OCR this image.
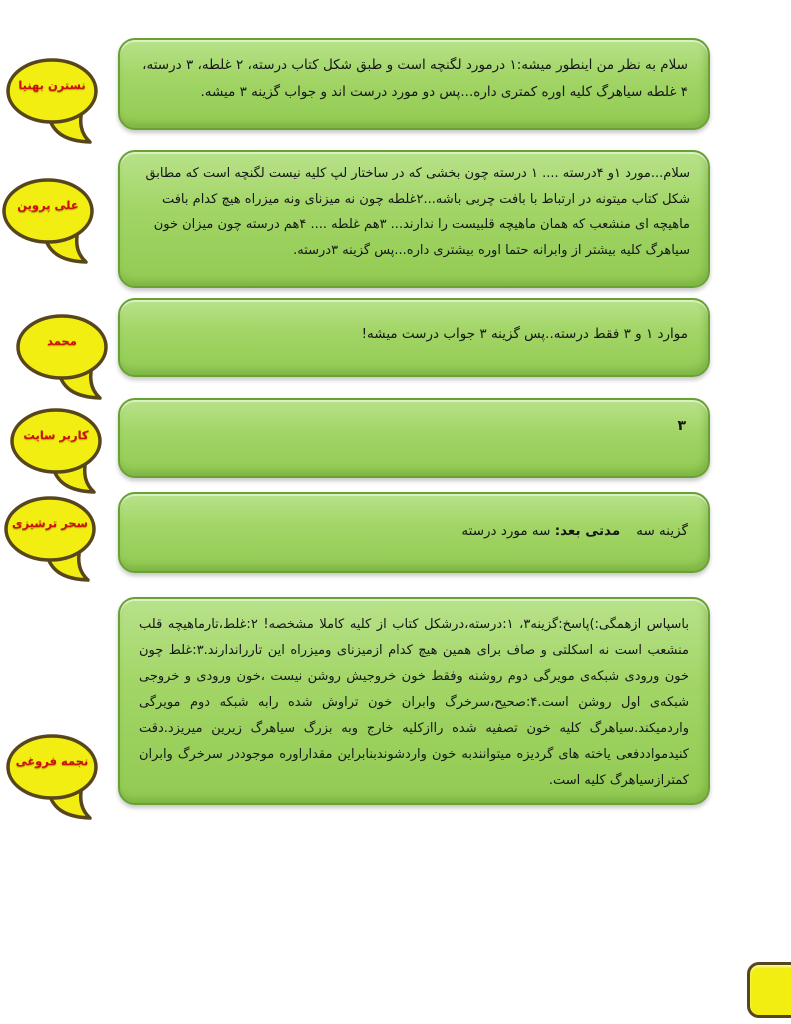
سلام به نظر من اینطور میشه:۱ درمورد لگنچه است و طبق شکل کتاب درسته، ۲ غلطه، ۳ درسته، ۴ غلطه سیاهرگ کلیه اوره کمتری داره...پس دو مورد درست اند و جواب گزینه ۳ میشه.

نسترن بهنیا

سلام...مورد ۱و ۴درسته .... ۱ درسته چون بخشی که در ساختار لپ کلیه نیست لگنچه است که مطابق شکل کتاب میتونه در ارتباط با بافت چربی باشه...۲غلطه چون نه میزنای ونه میزراه هیچ کدام بافت ماهیچه ای منشعب که همان ماهیچه قلبیست را ندارند... ۳هم غلطه .... ۴هم درسته چون میزان خون سیاهرگ کلیه بیشتر از وابرانه حتما اوره بیشتری داره...پس گزینه ۳درسته.

علی پروین

موارد ۱ و ۳ فقط درسته..پس گزینه ۳ جواب درست میشه!

محمد

۳

کاربر سایت

گزینه سهمدتی بعد: سه مورد درسته

سحر ترشیزی

باسپاس ازهمگی:)پاسخ:گزینه۳، ۱:درسته،درشکل کتاب از کلیه کاملا مشخصه! ۲:غلط،تارماهیچه قلب منشعب است نه اسکلتی و صاف برای همین هیچ کدام ازمیزنای ومیزراه این تارراندارند.۳:غلط چون خون ورودی شبکه‌ی مویرگی دوم روشنه وفقط خون خروجیش روشن نیست ،خون ورودی و خروجی شبکه‌ی اول روشن است.۴:صحیح،سرخرگ وابران خون تراوش شده رابه شبکه دوم مویرگی واردمیکند.سیاهرگ کلیه خون تصفیه شده راازکلیه خارج وبه بزرگ سیاهرگ زیرین میریزد.دقت کنیدمواددفعی یاخته های گردیزه میتوانندبه خون واردشوندبنابراین مقداراوره موجوددر سرخرگ وابران کمترازسیاهرگ کلیه است.

نجمه فروغی
